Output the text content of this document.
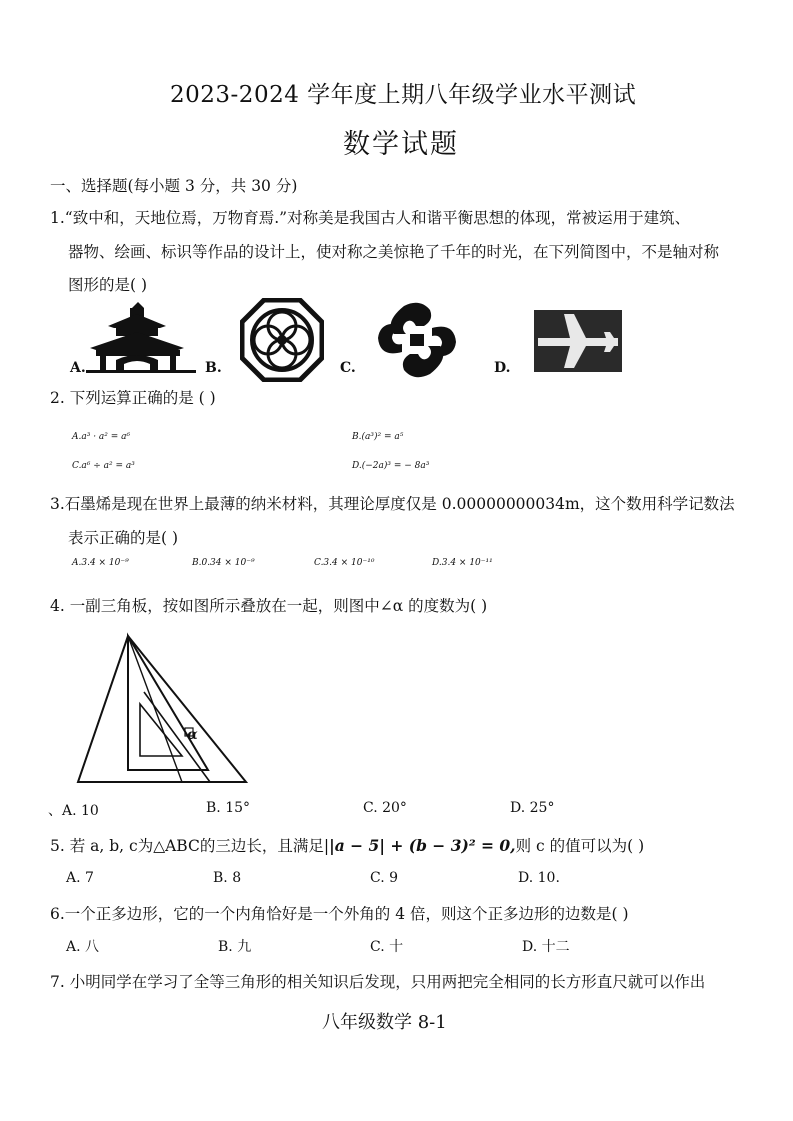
2023-2024 学年度上期八年级学业水平测试
数学试题
一、选择题(每小题 3 分，共 30 分)
1.“致中和，天地位焉，万物育焉.”对称美是我国古人和谐平衡思想的体现，常被运用于建筑、
器物、绘画、标识等作品的设计上，使对称之美惊艳了千年的时光，在下列简图中，不是轴对称
图形的是( )
A.	B.	C.	D.
2. 下列运算正确的是 ( )
A.a³ · a² = a⁶	B.(a³)² = a⁵
C.a⁶ ÷ a² = a³	D.(−2a)³ = − 8a³
3.石墨烯是现在世界上最薄的纳米材料，其理论厚度仅是 0.00000000034m，这个数用科学记数法
表示正确的是( )
A.3.4 × 10⁻⁹	B.0.34 × 10⁻⁹	C.3.4 × 10⁻¹⁰	D.3.4 × 10⁻¹¹
4. 一副三角板，按如图所示叠放在一起，则图中∠α 的度数为( )
α
、A. 10	B. 15°	C. 20°	D. 25°
5. 若 a, b, c为△ABC的三边长，且满足||a − 5| + (b − 3)² = 0,则 c 的值可以为( )
A. 7	B. 8	C. 9	D. 10.
6.一个正多边形，它的一个内角恰好是一个外角的 4 倍，则这个正多边形的边数是( )
A. 八	B. 九	C. 十	D. 十二
7. 小明同学在学习了全等三角形的相关知识后发现，只用两把完全相同的长方形直尺就可以作出
八年级数学 8-1
